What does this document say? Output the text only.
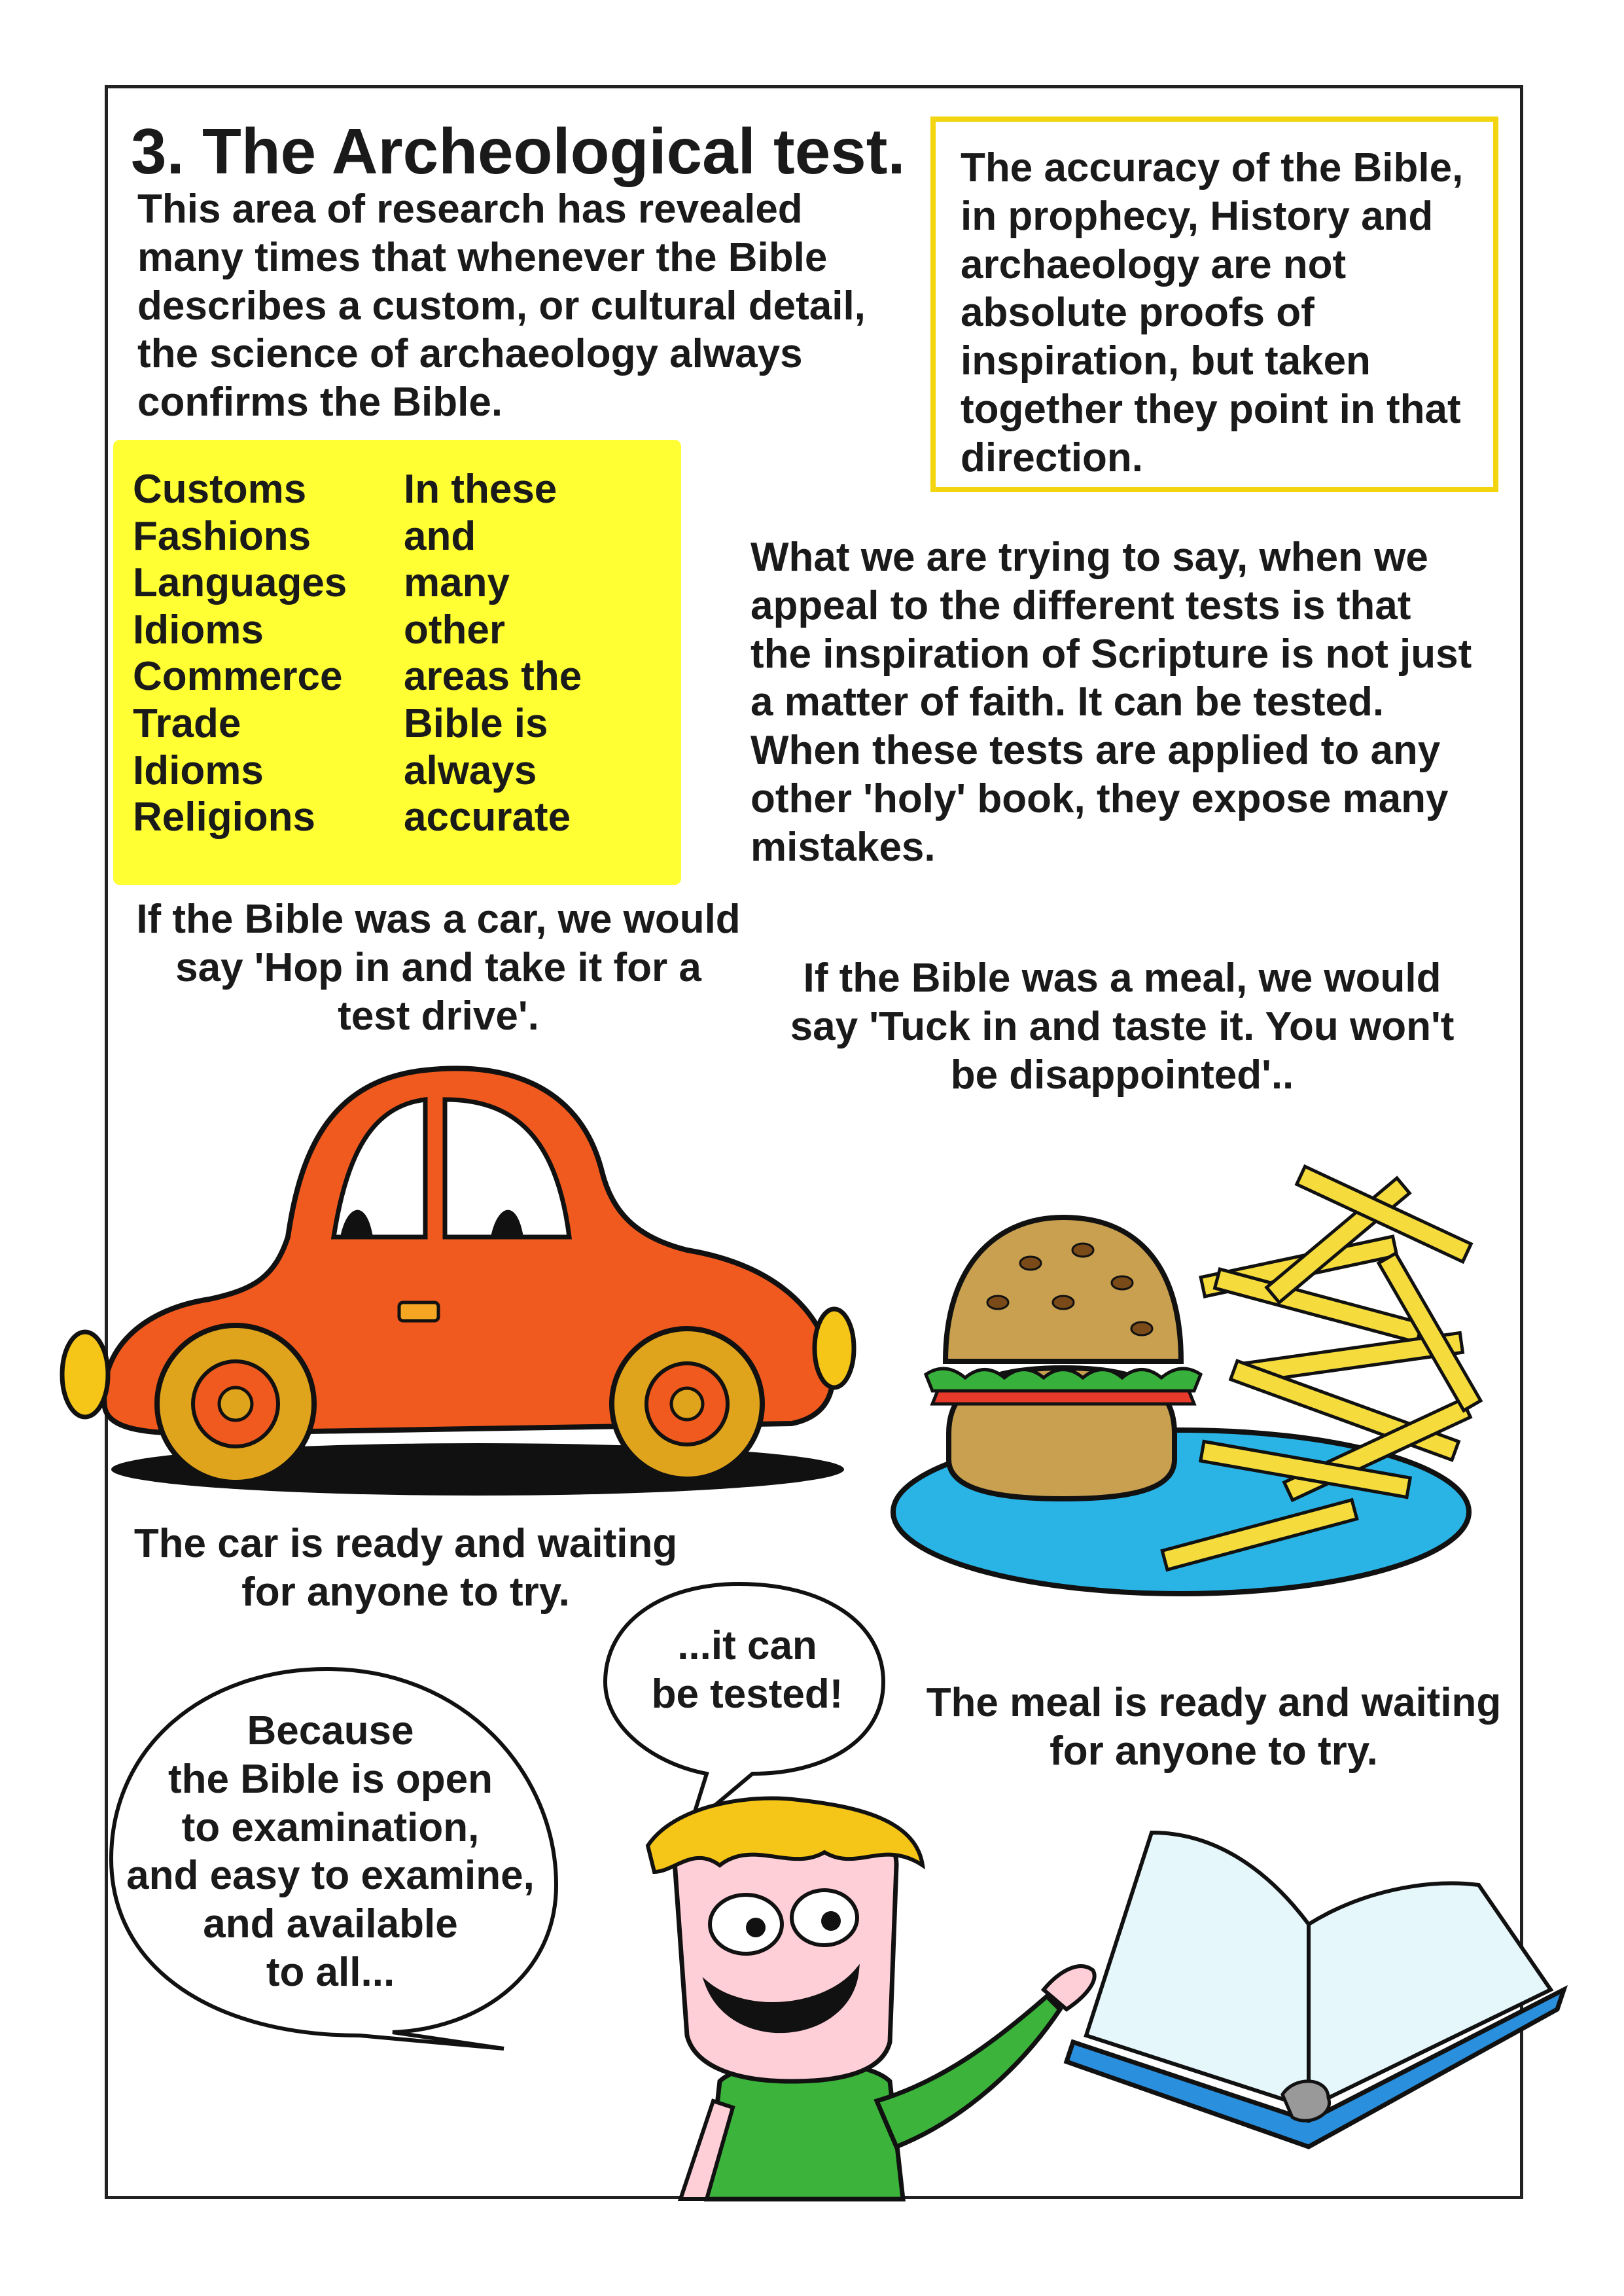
3. The Archeological test.
This area of research has revealed
many times that whenever the Bible
describes a custom, or cultural detail,
the science of archaeology always
confirms the Bible.
The accuracy of the Bible,
in prophecy, History and
archaeology are not
absolute proofs of
inspiration, but taken
together they point in that
direction.
Customs
Fashions
Languages
Idioms
Commerce
Trade
Idioms
Religions
In these
and
many
other
areas the
Bible is
always
accurate
What we are trying to say, when we
appeal to the different tests is that
the inspiration of Scripture is not just
a matter of faith. It can be tested.
When these tests are applied to any
other 'holy' book, they expose many
mistakes.
If the Bible was a car, we would
say 'Hop in and take it for a
test drive'.
If the Bible was a meal, we would
say 'Tuck in and taste it. You won't
be disappointed'..
The car is ready and waiting
for anyone to try.
The meal is ready and waiting
for anyone to try.
Because
the Bible is open
to examination,
and easy to examine,
and available
to all...
...it can
be tested!
